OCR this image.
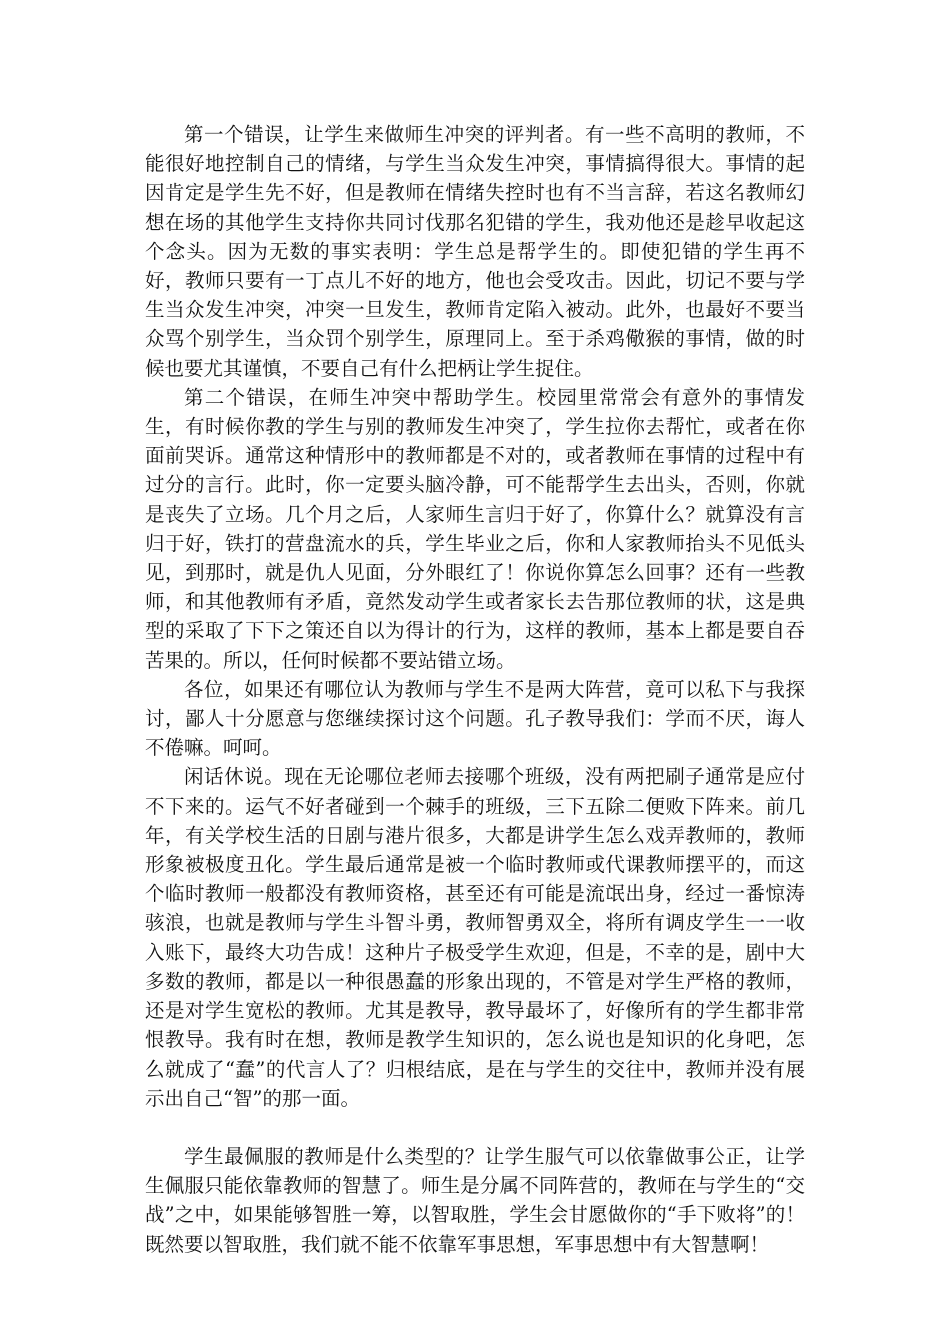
第一个错误，让学生来做师生冲突的评判者。有一些不高明的教师，不能很好地控制自己的情绪，与学生当众发生冲突，事情搞得很大。事情的起因肯定是学生先不好，但是教师在情绪失控时也有不当言辞，若这名教师幻想在场的其他学生支持你共同讨伐那名犯错的学生，我劝他还是趁早收起这个念头。因为无数的事实表明：学生总是帮学生的。即使犯错的学生再不好，教师只要有一丁点儿不好的地方，他也会受攻击。因此，切记不要与学生当众发生冲突，冲突一旦发生，教师肯定陷入被动。此外，也最好不要当众骂个别学生，当众罚个别学生，原理同上。至于杀鸡儆猴的事情，做的时候也要尤其谨慎，不要自己有什么把柄让学生捉住。

第二个错误，在师生冲突中帮助学生。校园里常常会有意外的事情发生，有时候你教的学生与别的教师发生冲突了，学生拉你去帮忙，或者在你面前哭诉。通常这种情形中的教师都是不对的，或者教师在事情的过程中有过分的言行。此时，你一定要头脑冷静，可不能帮学生去出头，否则，你就是丧失了立场。几个月之后，人家师生言归于好了，你算什么？就算没有言归于好，铁打的营盘流水的兵，学生毕业之后，你和人家教师抬头不见低头见，到那时，就是仇人见面，分外眼红了！你说你算怎么回事？还有一些教师，和其他教师有矛盾，竟然发动学生或者家长去告那位教师的状，这是典型的采取了下下之策还自以为得计的行为，这样的教师，基本上都是要自吞苦果的。所以，任何时候都不要站错立场。

各位，如果还有哪位认为教师与学生不是两大阵营，竟可以私下与我探讨，鄙人十分愿意与您继续探讨这个问题。孔子教导我们：学而不厌，诲人不倦嘛。呵呵。

闲话休说。现在无论哪位老师去接哪个班级，没有两把刷子通常是应付不下来的。运气不好者碰到一个棘手的班级，三下五除二便败下阵来。前几年，有关学校生活的日剧与港片很多，大都是讲学生怎么戏弄教师的，教师形象被极度丑化。学生最后通常是被一个临时教师或代课教师摆平的，而这个临时教师一般都没有教师资格，甚至还有可能是流氓出身，经过一番惊涛骇浪，也就是教师与学生斗智斗勇，教师智勇双全，将所有调皮学生一一收入账下，最终大功告成！这种片子极受学生欢迎，但是，不幸的是，剧中大多数的教师，都是以一种很愚蠢的形象出现的，不管是对学生严格的教师，还是对学生宽松的教师。尤其是教导，教导最坏了，好像所有的学生都非常恨教导。我有时在想，教师是教学生知识的，怎么说也是知识的化身吧，怎么就成了“蠢”的代言人了？归根结底，是在与学生的交往中，教师并没有展示出自己“智”的那一面。

学生最佩服的教师是什么类型的？让学生服气可以依靠做事公正，让学生佩服只能依靠教师的智慧了。师生是分属不同阵营的，教师在与学生的“交战”之中，如果能够智胜一筹，以智取胜，学生会甘愿做你的“手下败将”的！既然要以智取胜，我们就不能不依靠军事思想，军事思想中有大智慧啊！
